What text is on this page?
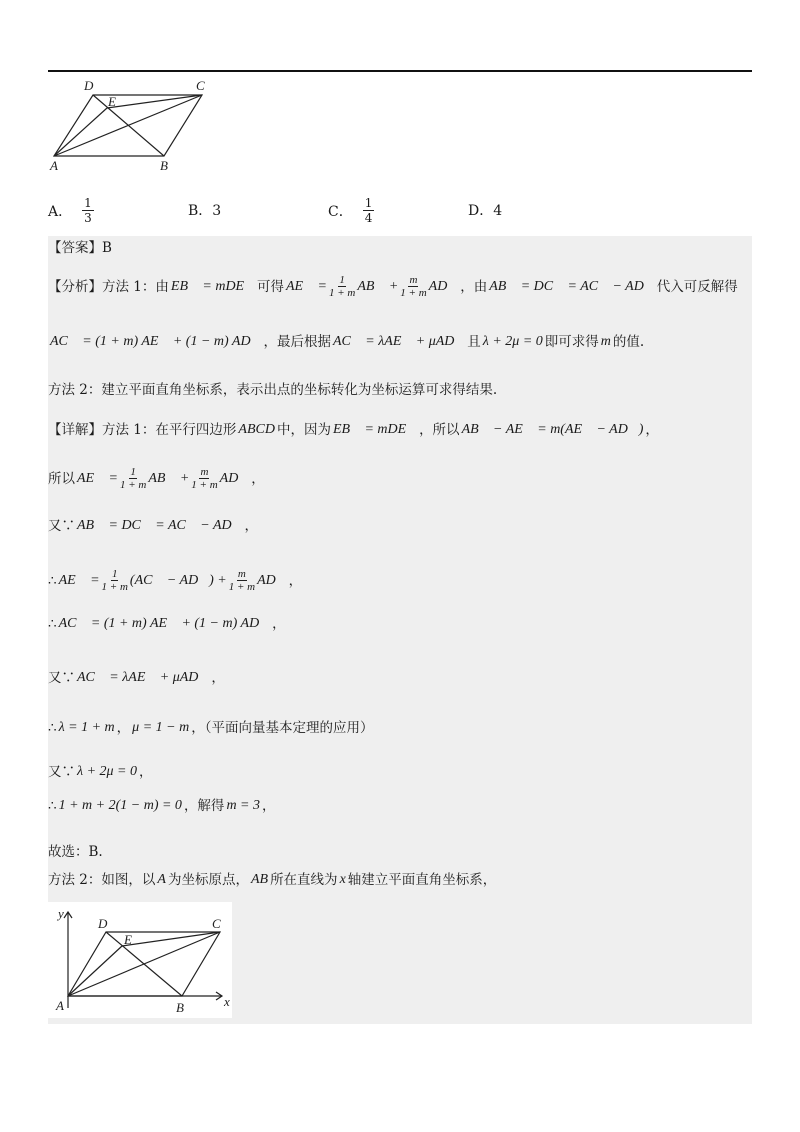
A	B
C
D
E
A． $\frac{1}{3}$	B．3	C． $\frac{1}{4}$	D．4
【答案】B
【分析】方法 1：由 EB⃗ = mDE⃗ 可得 AE⃗ = $\frac{1}{1 + m}$ AB⃗ + $\frac{m}{1 + m}$ AD⃗ ，由 AB⃗ = DC⃗ = AC⃗ − AD⃗ 代入可反解得
AC⃗ = (1 + m) AE⃗ + (1 − m) AD⃗ ，最后根据 AC⃗ = λAE⃗ + μAD⃗ 且 λ + 2μ = 0 即可求得 m 的值.
方法 2：建立平面直角坐标系，表示出点的坐标转化为坐标运算可求得结果.
【详解】方法 1：在平行四边形 ABCD 中，因为 EB⃗ = mDE⃗ ，所以 AB⃗ − AE⃗ = m(AE⃗ − AD⃗) ，
所以 AE⃗ = $\frac{1}{1 + m}$ AB⃗ + $\frac{m}{1 + m}$ AD⃗ ，
又∵ AB⃗ = DC⃗ = AC⃗ − AD⃗ ，
∴ AE⃗ = $\frac{1}{1 + m}$ (AC⃗ − AD⃗) + $\frac{m}{1 + m}$ AD⃗ ，
∴ AC⃗ = (1 + m) AE⃗ + (1 − m) AD⃗ ，
又∵ AC⃗ = λAE⃗ + μAD⃗ ，
∴ λ = 1 + m ， μ = 1 − m ，（平面向量基本定理的应用）
又∵ λ + 2μ = 0 ，
∴ 1 + m + 2(1 − m) = 0 ，解得 m = 3 ，
故选：B.
方法 2：如图，以 A 为坐标原点， AB 所在直线为 x 轴建立平面直角坐标系，
y
x
A	B
C
D
E
